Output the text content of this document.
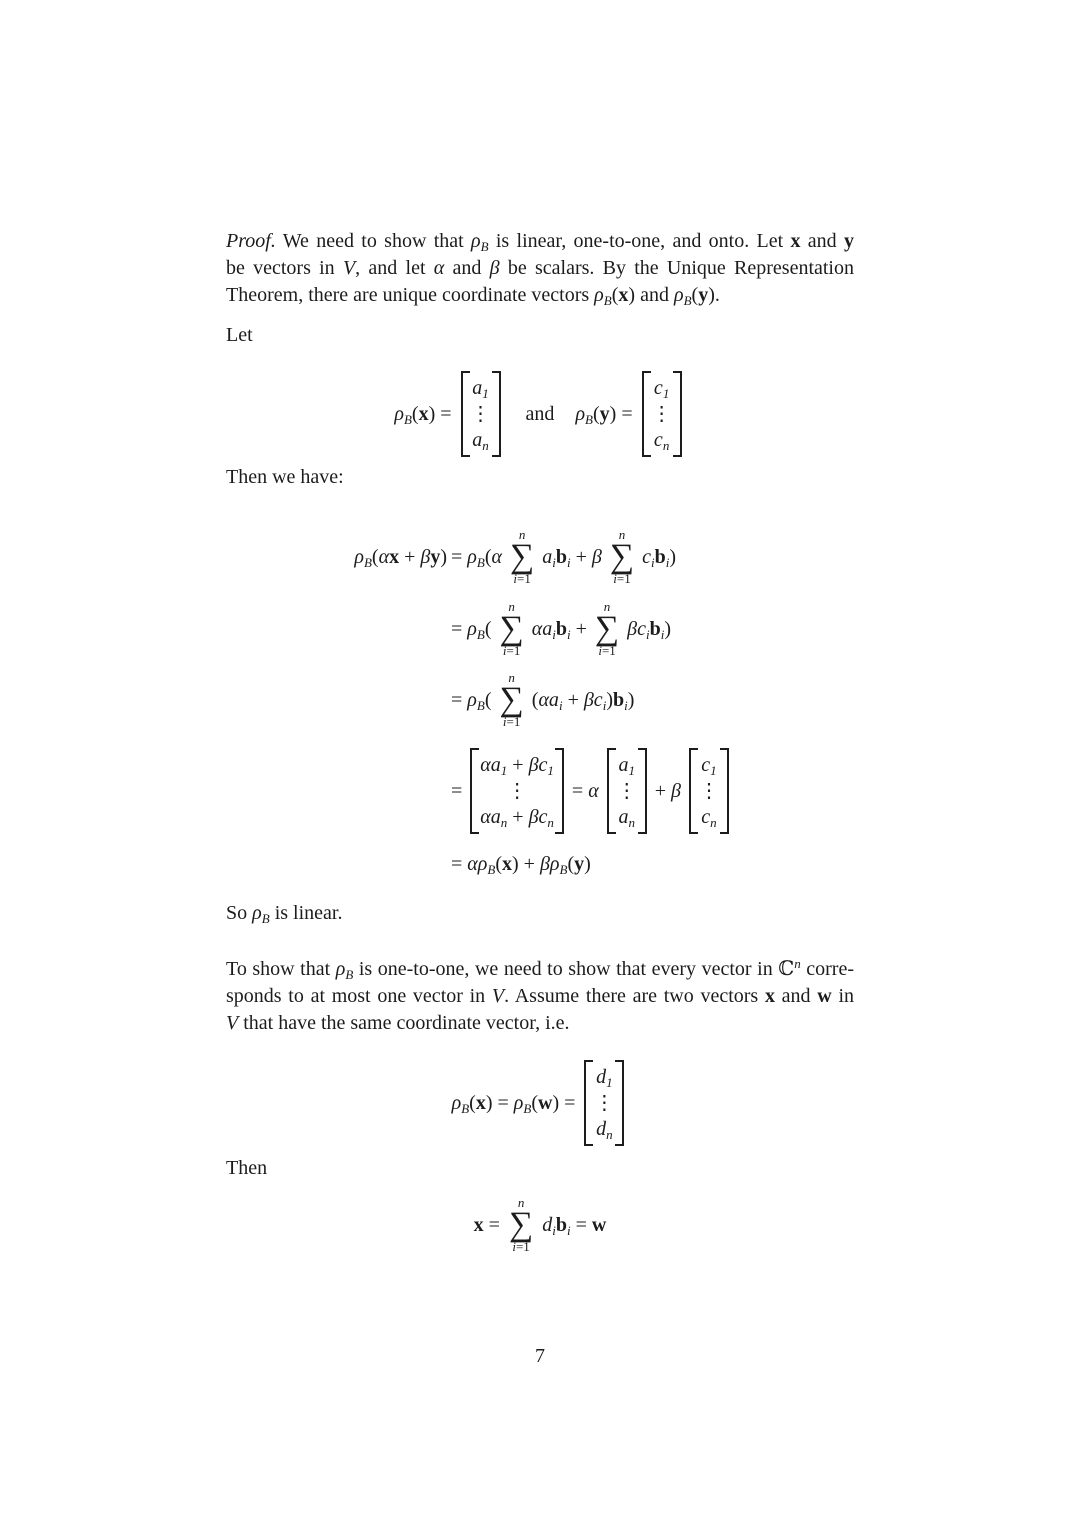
Proof. We need to show that $\rho_B$ is linear, one-to-one, and onto. Let x and y
be vectors in V, and let α and β be scalars. By the Unique Representation
Theorem, there are unique coordinate vectors $\rho_B(x)$ and $\rho_B(y)$.
Let
$\rho_B(x)$ =
$a_1$
⋮
$a_n$
and $\rho_B(y)$ =
$c_1$
⋮
$c_n$
Then we have:
$\rho_B(\alpha x + \beta y) = \rho_B(\alpha$
n
∑
i=1
$a_ib_i + \beta$
n
∑
i=1
$c_ib_i$)
= $\rho_B$(
n
∑
i=1
$\alpha a_ib_i$ +
n
∑
i=1
$\beta c_ib_i$)
= $\rho_B$(
n
∑
i=1
$(\alpha a_i + \beta c_i)b_i$)
=
$\alpha a_1 + \beta c_1$
⋮
$\alpha a_n + \beta c_n$
= α
$a_1$
⋮
$a_n$
+ β
$c_1$
⋮
$c_n$
= $\alpha\rho_B(x) + \beta\rho_B(y)$
So $\rho_B$ is linear.
To show that $\rho_B$ is one-to-one, we need to show that every vector in ℂ$^n$ corre-
sponds to at most one vector in V. Assume there are two vectors x and w in
V that have the same coordinate vector, i.e.
$\rho_B(x) = \rho_B(w)$ =
$d_1$
⋮
$d_n$
Then
x =
n
∑
i=1
$d_ib_i = w$
7
